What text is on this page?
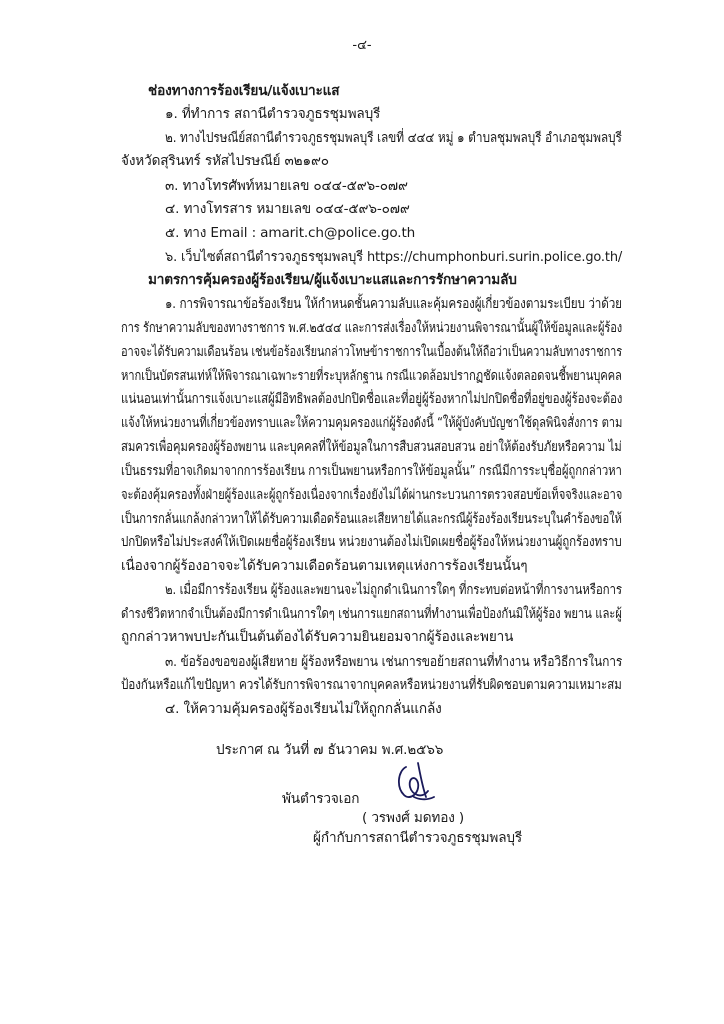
-๔-
ช่องทางการร้องเรียน/แจ้งเบาะแส
๑. ที่ทำการ สถานีตำรวจภูธรชุมพลบุรี
๒. ทางไปรษณีย์สถานีตำรวจภูธรชุมพลบุรี เลขที่ ๔๔๔ หมู่ ๑ ตำบลชุมพลบุรี อำเภอชุมพลบุรี
จังหวัดสุรินทร์ รหัสไปรษณีย์ ๓๒๑๙๐
๓. ทางโทรศัพท์หมายเลข ๐๔๔-๕๙๖-๐๗๙
๔. ทางโทรสาร หมายเลข ๐๔๔-๕๙๖-๐๗๙
๕. ทาง Email : amarit.ch@police.go.th
๖. เว็บไซต์สถานีตำรวจภูธรชุมพลบุรี https://chumphonburi.surin.police.go.th/
มาตรการคุ้มครองผู้ร้องเรียน/ผู้แจ้งเบาะแสและการรักษาความลับ
๑. การพิจารณาข้อร้องเรียน ให้กำหนดชั้นความลับและคุ้มครองผู้เกี่ยวข้องตามระเบียบ ว่าด้วย
การ รักษาความลับของทางราชการ พ.ศ.๒๕๔๔ และการส่งเรื่องให้หน่วยงานพิจารณานั้นผู้ให้ข้อมูลและผู้ร้อง
อาจจะได้รับความเดือนร้อน เช่นข้อร้องเรียนกล่าวโทษข้าราชการในเบื้องต้นให้ถือว่าเป็นความลับทางราชการ
หากเป็นบัตรสนเท่ห์ให้พิจารณาเฉพาะรายที่ระบุหลักฐาน กรณีแวดล้อมปรากฏชัดแจ้งตลอดจนชี้พยานบุคคล
แน่นอนเท่านั้นการแจ้งเบาะแสผู้มีอิทธิพลต้องปกปิดชื่อและที่อยู่ผู้ร้องหากไม่ปกปิดชื่อที่อยู่ของผู้ร้องจะต้อง
แจ้งให้หน่วยงานที่เกี่ยวข้องทราบและให้ความคุมครองแก่ผู้ร้องดังนี้ “ให้ผู้บังคับบัญชาใช้ดุลพินิจสั่งการ ตาม
สมควรเพื่อคุมครองผู้ร้องพยาน และบุคคลที่ให้ข้อมูลในการสืบสวนสอบสวน อย่าให้ต้องรับภัยหรือความ ไม่
เป็นธรรมที่อาจเกิดมาจากการร้องเรียน การเป็นพยานหรือการให้ข้อมูลนั้น” กรณีมีการระบุชื่อผู้ถูกกล่าวหา
จะต้องคุ้มครองทั้งฝ่ายผู้ร้องและผู้ถูกร้องเนื่องจากเรื่องยังไม่ได้ผ่านกระบวนการตรวจสอบข้อเท็จจริงและอาจ
เป็นการกลั่นแกล้งกล่าวหาให้ได้รับความเดือดร้อนและเสียหายได้และกรณีผู้ร้องร้องเรียนระบุในคำร้องขอให้
ปกปิดหรือไม่ประสงค์ให้เปิดเผยชื่อผู้ร้องเรียน หน่วยงานต้องไม่เปิดเผยชื่อผู้ร้องให้หน่วยงานผู้ถูกร้องทราบ
เนื่องจากผู้ร้องอาจจะได้รับความเดือดร้อนตามเหตุแห่งการร้องเรียนนั้นๆ
๒. เมื่อมีการร้องเรียน ผู้ร้องและพยานจะไม่ถูกดำเนินการใดๆ ที่กระทบต่อหน้าที่การงานหรือการ
ดำรงชีวิตหากจำเป็นต้องมีการดำเนินการใดๆ เช่นการแยกสถานที่ทำงานเพื่อป้องกันมิให้ผู้ร้อง พยาน และผู้
ถูกกล่าวหาพบปะกันเป็นต้นต้องได้รับความยินยอมจากผู้ร้องและพยาน
๓. ข้อร้องขอของผู้เสียหาย ผู้ร้องหรือพยาน เช่นการขอย้ายสถานที่ทำงาน หรือวิธีการในการ
ป้องกันหรือแก้ไขปัญหา ควรได้รับการพิจารณาจากบุคคลหรือหน่วยงานที่รับผิดชอบตามความเหมาะสม
๔. ให้ความคุ้มครองผู้ร้องเรียนไม่ให้ถูกกลั่นแกล้ง
ประกาศ ณ วันที่ ๗ ธันวาคม พ.ศ.๒๕๖๖
พันตำรวจเอก
( วรพงศ์ มดทอง )
ผู้กำกับการสถานีตำรวจภูธรชุมพลบุรี
